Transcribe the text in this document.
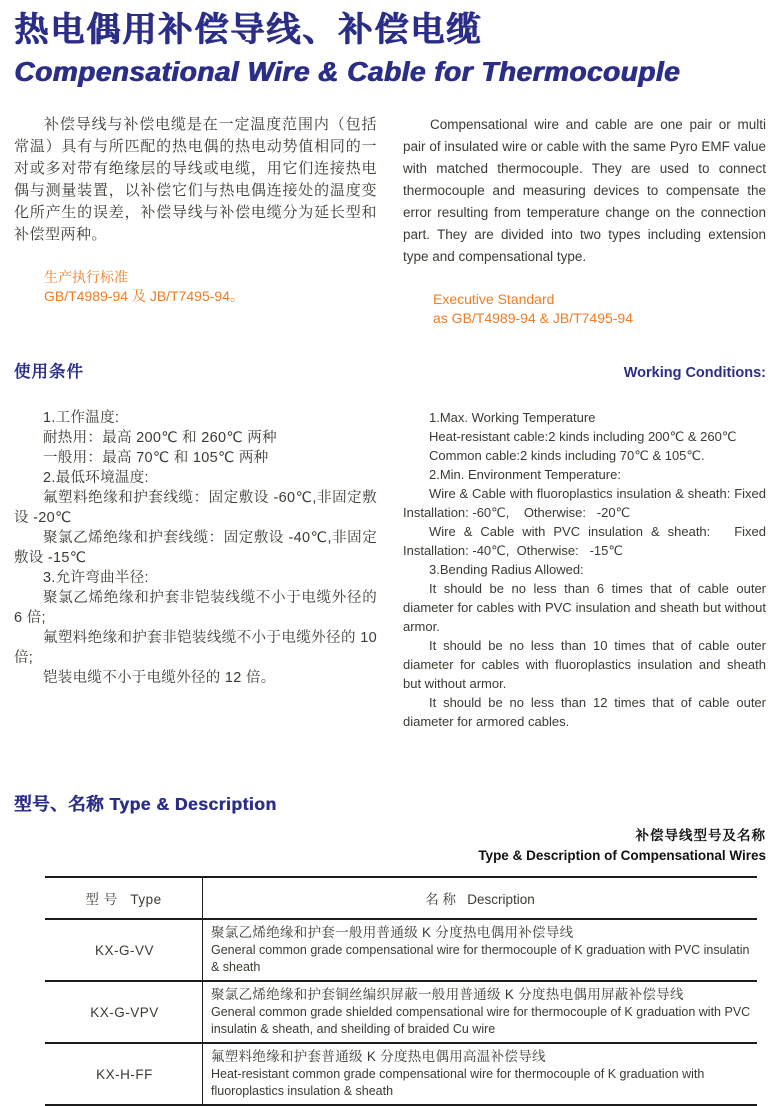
热电偶用补偿导线、补偿电缆
Compensational Wire & Cable for Thermocouple

补偿导线与补偿电缆是在一定温度范围内（包括常温）具有与所匹配的热电偶的热电动势值相同的一对或多对带有绝缘层的导线或电缆，用它们连接热电偶与测量装置，以补偿它们与热电偶连接处的温度变化所产生的误差，补偿导线与补偿电缆分为延长型和补偿型两种。

生产执行标准
GB/T4989-94 及 JB/T7495-94。

Compensational wire and cable are one pair or multi pair of insulated wire or cable with the same Pyro EMF value with matched thermocouple. They are used to connect thermocouple and measuring devices to compensate the error resulting from temperature change on the connection part. They are divided into two types including extension type and compensational type.

Executive Standard
as GB/T4989-94 & JB/T7495-94
使用条件	Working Conditions:

1.工作温度:

耐热用：最高 200℃ 和 260℃ 两种

一般用：最高 70℃ 和 105℃ 两种

2.最低环境温度:

氟塑料绝缘和护套线缆：固定敷设 -60℃,非固定敷设 -20℃

聚氯乙烯绝缘和护套线缆：固定敷设 -40℃,非固定敷设 -15℃

3.允许弯曲半径:

聚氯乙烯绝缘和护套非铠装线缆不小于电缆外径的 6 倍;

氟塑料绝缘和护套非铠装线缆不小于电缆外径的 10 倍;

铠装电缆不小于电缆外径的 12 倍。

1.Max. Working Temperature

Heat-resistant cable:2 kinds including 200℃ & 260℃

Common cable:2 kinds including 70℃ & 105℃.

2.Min. Environment Temperature:

Wire & Cable with fluoroplastics insulation & sheath: Fixed Installation: -60℃,    Otherwise:   -20℃

Wire & Cable with PVC insulation & sheath:   Fixed Installation: -40℃,  Otherwise:   -15℃

3.Bending Radius Allowed:

It should be no less than 6 times that of cable outer diameter for cables with PVC insulation and sheath but without armor.

It should be no less than 10 times that of cable outer diameter for cables with fluoroplastics insulation and sheath but without armor.

It should be no less than 12 times that of cable outer diameter for armored cables.

型号、名称 Type & Description
补偿导线型号及名称
Type & Description of Compensational Wires
型 号   Type	名 称   Description
KX-G-VV	聚氯乙烯绝缘和护套一般用普通级 K 分度热电偶用补偿导线
General common grade compensational wire for thermocouple of K graduation with PVC insulatin & sheath

KX-G-VPV	聚氯乙烯绝缘和护套铜丝编织屏蔽一般用普通级 K 分度热电偶用屏蔽补偿导线
General common grade shielded compensational wire for thermocouple of K graduation with PVC insulatin & sheath, and sheilding of braided Cu wire

KX-H-FF	氟塑料绝缘和护套普通级 K 分度热电偶用高温补偿导线
Heat-resistant common grade compensational wire for thermocouple of K graduation with fluoroplastics insulation & sheath
